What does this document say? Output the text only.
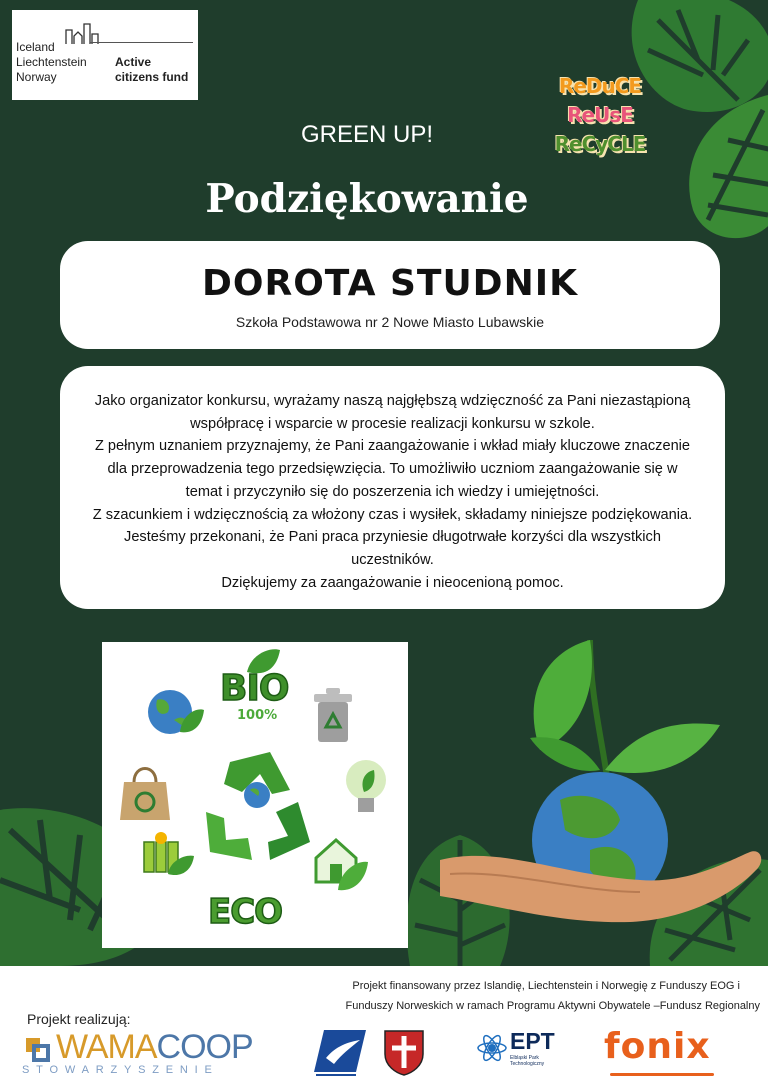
Iceland
Liechtenstein
Norway
Active
citizens fund	ReDuCE
ReUsE
ReCyCLE
GREEN UP!
Podziękowanie
DOROTA STUDNIK
Szkoła Podstawowa nr 2 Nowe Miasto Lubawskie

Jako organizator konkursu, wyrażamy naszą najgłębszą wdzięczność za Pani niezastąpioną

współpracę i wsparcie w procesie realizacji konkursu w szkole.

Z pełnym uznaniem przyznajemy, że Pani zaangażowanie i wkład miały kluczowe znaczenie

dla przeprowadzenia tego przedsięwzięcia. To umożliwiło uczniom zaangażowanie się w

temat i przyczyniło się do poszerzenia ich wiedzy i umiejętności.

Z szacunkiem i wdzięcznością za włożony czas i wysiłek, składamy niniejsze podziękowania.

Jesteśmy przekonani, że Pani praca przyniesie długotrwałe korzyści dla wszystkich

uczestników.

Dziękujemy za zaangażowanie i nieocenioną pomoc.

BIO
100%
ECO
Projekt finansowany przez Islandię, Liechtenstein i Norwegię z Funduszy EOG i
Funduszy Norweskich w ramach Programu Aktywni Obywatele –Fundusz Regionalny
Projekt realizują:
WAMACOOP
STOWARZYSZENIE
EPT
Elbląski Park Technologiczny	fonix
